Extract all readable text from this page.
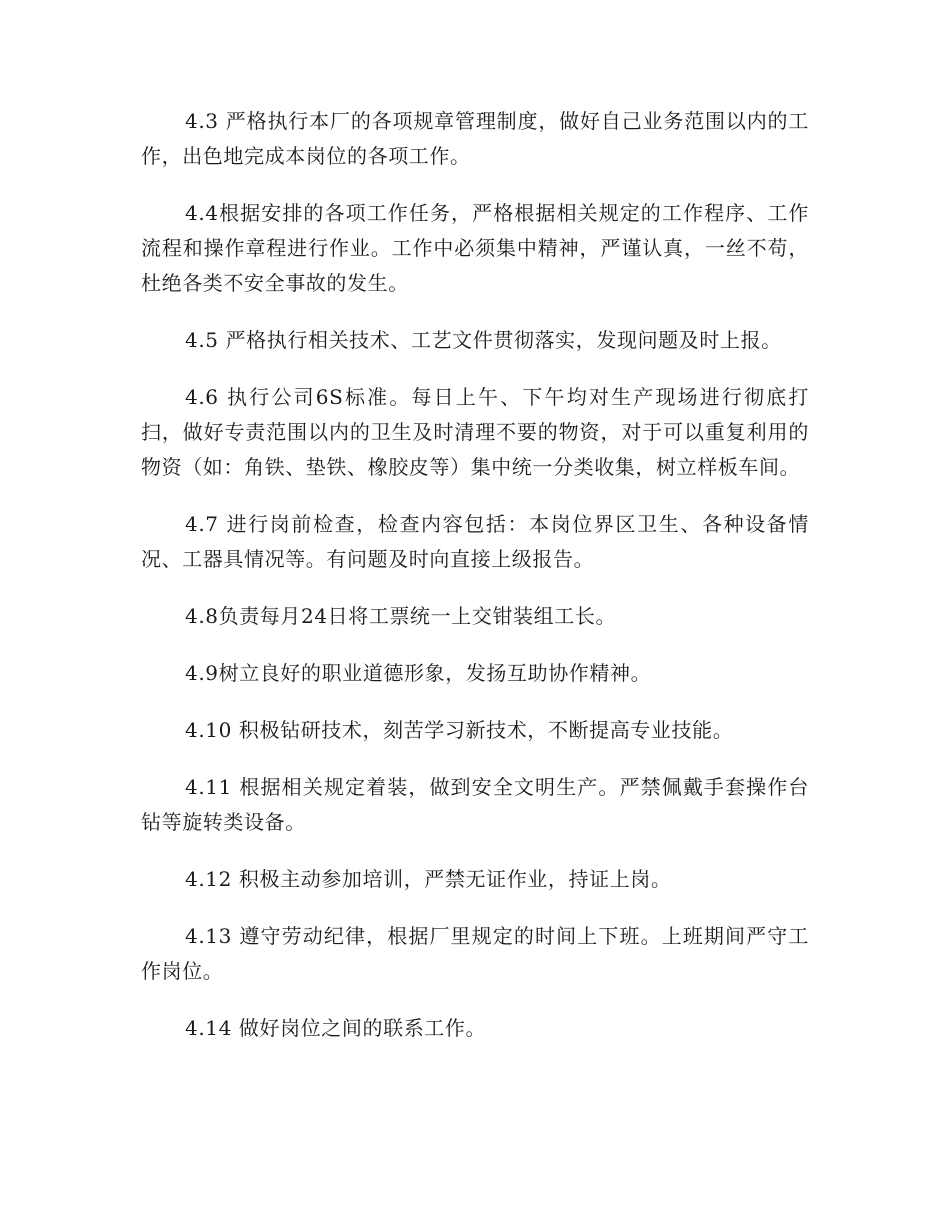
4.3 严格执行本厂的各项规章管理制度，做好自己业务范围以内的工作，出色地完成本岗位的各项工作。

4.4根据安排的各项工作任务，严格根据相关规定的工作程序、工作流程和操作章程进行作业。工作中必须集中精神，严谨认真，一丝不苟，杜绝各类不安全事故的发生。

4.5 严格执行相关技术、工艺文件贯彻落实，发现问题及时上报。

4.6 执行公司6S标准。每日上午、下午均对生产现场进行彻底打扫，做好专责范围以内的卫生及时清理不要的物资，对于可以重复利用的物资（如：角铁、垫铁、橡胶皮等）集中统一分类收集，树立样板车间。

4.7 进行岗前检查，检查内容包括：本岗位界区卫生、各种设备情况、工器具情况等。有问题及时向直接上级报告。

4.8负责每月24日将工票统一上交钳装组工长。

4.9树立良好的职业道德形象，发扬互助协作精神。

4.10 积极钻研技术，刻苦学习新技术，不断提高专业技能。

4.11 根据相关规定着装，做到安全文明生产。严禁佩戴手套操作台钻等旋转类设备。

4.12 积极主动参加培训，严禁无证作业，持证上岗。

4.13 遵守劳动纪律，根据厂里规定的时间上下班。上班期间严守工作岗位。

4.14 做好岗位之间的联系工作。
